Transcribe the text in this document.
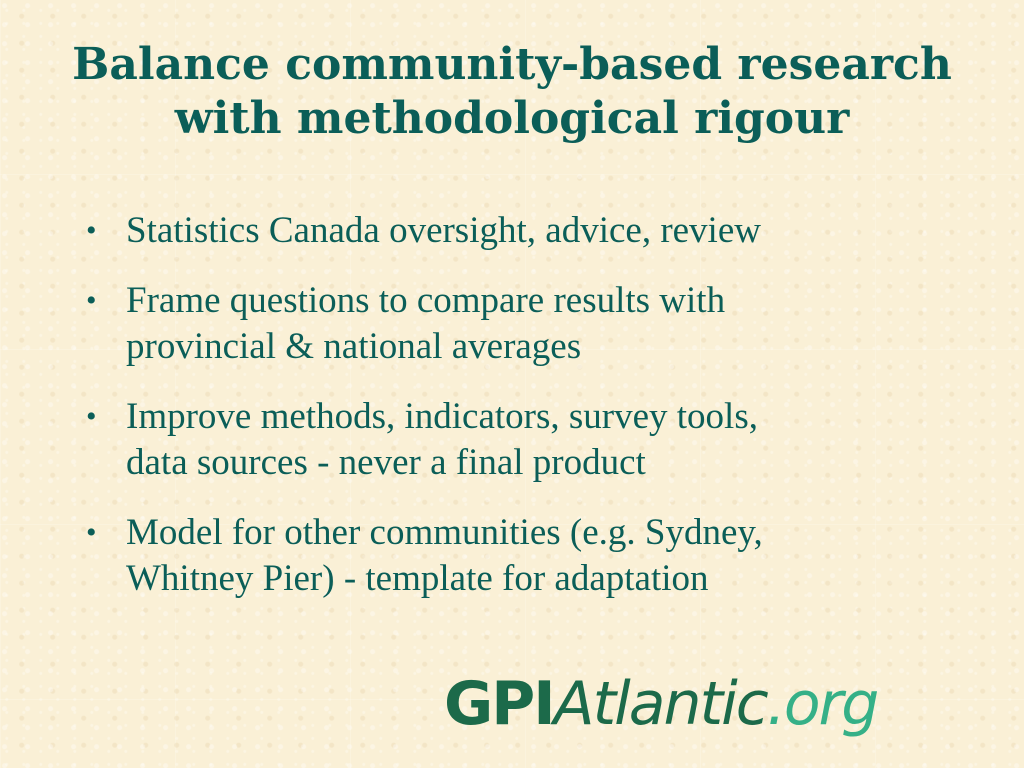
Balance community-based research
with methodological rigour
• Statistics Canada oversight, advice, review
• Frame questions to compare results with
provincial & national averages
• Improve methods, indicators, survey tools,
data sources - never a final product
• Model for other communities (e.g. Sydney,
Whitney Pier) - template for adaptation
GPIAtlantic.org
